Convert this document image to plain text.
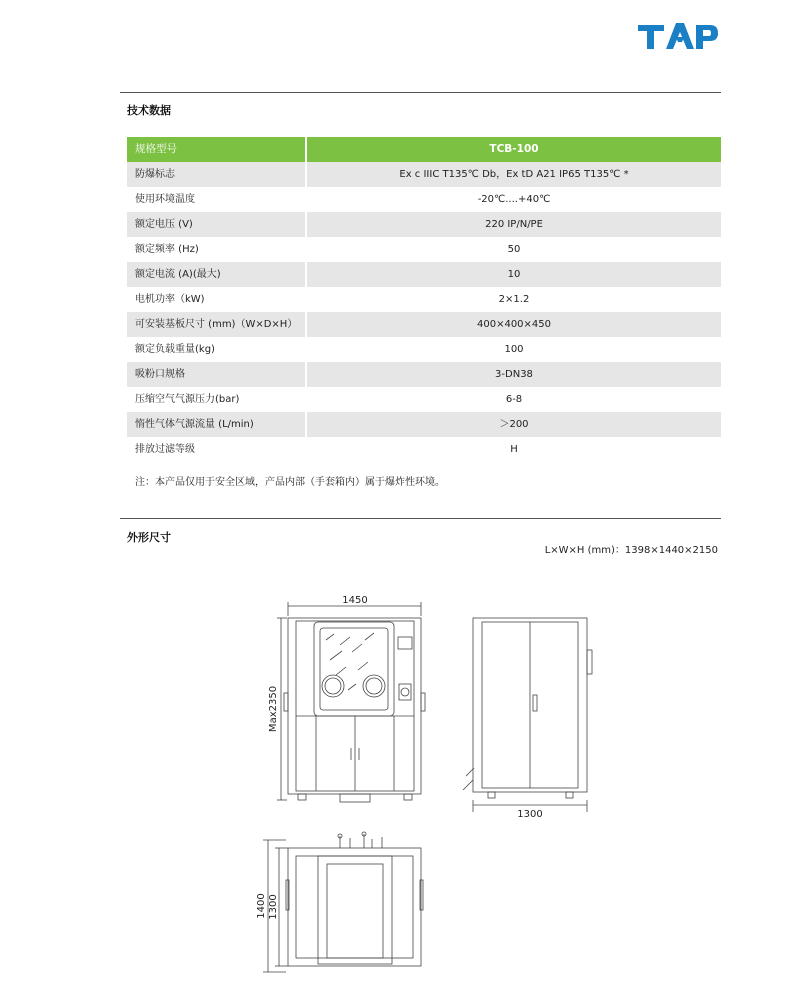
技术数据
规格型号	TCB-100
防爆标志	Ex c IIIC T135℃ Db，Ex tD A21 IP65 T135℃ *
使用环境温度	-20℃....+40℃
额定电压 (V)	220 IP/N/PE
额定频率 (Hz)	50
额定电流 (A)(最大)	10
电机功率（kW)	2×1.2
可安装基板尺寸 (mm)（W×D×H）	400×400×450
额定负载重量(kg)	100
吸粉口规格	3-DN38
压缩空气气源压力(bar)	6-8
惰性气体气源流量 (L/min)	＞200
排放过滤等级	H
注：本产品仅用于安全区域，产品内部（手套箱内）属于爆炸性环境。
外形尺寸
L×W×H (mm)：1398×1440×2150
1450
Max2350
1300
1400 1300
